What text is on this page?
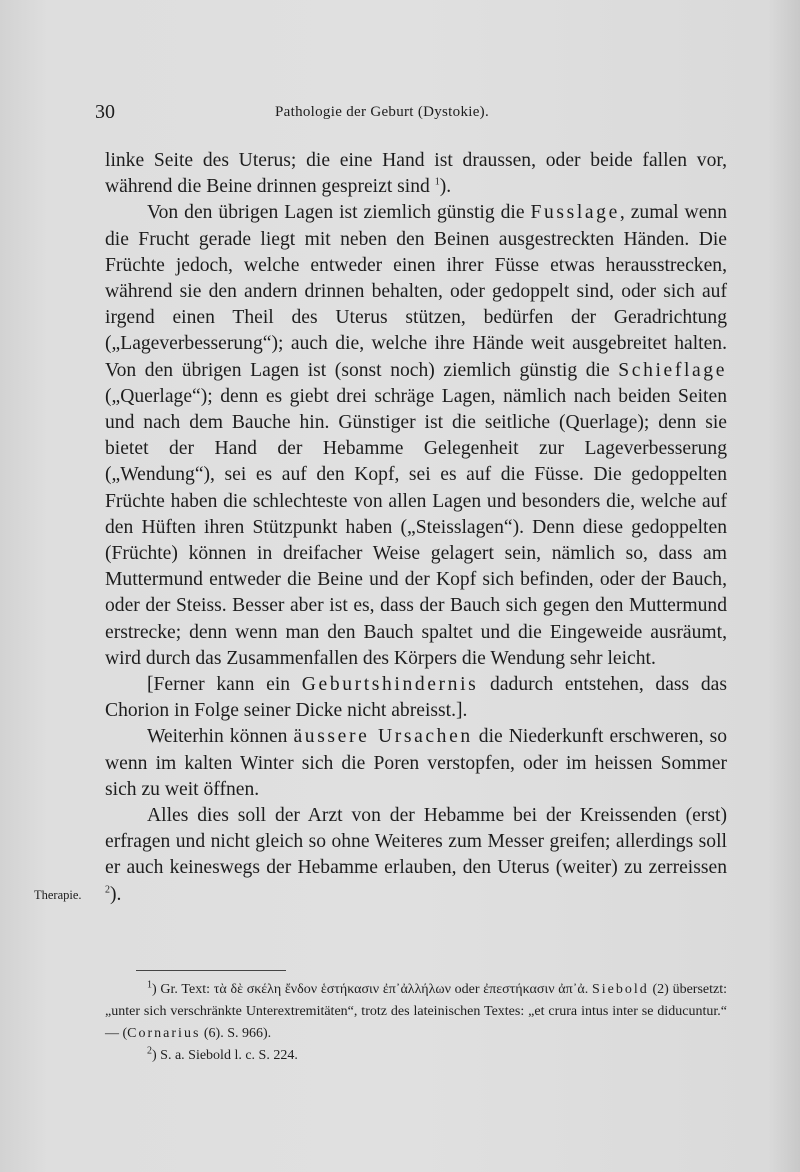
30	Pathologie der Geburt (Dystokie).
Therapie.

linke Seite des Uterus; die eine Hand ist draussen, oder beide fallen vor, während die Beine drinnen gespreizt sind $^1$).

Von den übrigen Lagen ist ziemlich günstig die Fusslage, zumal wenn die Frucht gerade liegt mit neben den Beinen ausgestreckten Händen. Die Früchte jedoch, welche entweder einen ihrer Füsse etwas herausstrecken, während sie den andern drinnen behalten, oder gedoppelt sind, oder sich auf irgend einen Theil des Uterus stützen, bedürfen der Geradrichtung („Lageverbesserung“); auch die, welche ihre Hände weit ausgebreitet halten. Von den übrigen Lagen ist (sonst noch) ziemlich günstig die Schieflage („Querlage“); denn es giebt drei schräge Lagen, nämlich nach beiden Seiten und nach dem Bauche hin. Günstiger ist die seitliche (Querlage); denn sie bietet der Hand der Hebamme Gelegenheit zur Lageverbesserung („Wendung“), sei es auf den Kopf, sei es auf die Füsse. Die gedoppelten Früchte haben die schlechteste von allen Lagen und besonders die, welche auf den Hüften ihren Stützpunkt haben („Steisslagen“). Denn diese gedoppelten (Früchte) können in dreifacher Weise gelagert sein, nämlich so, dass am Muttermund entweder die Beine und der Kopf sich befinden, oder der Bauch, oder der Steiss. Besser aber ist es, dass der Bauch sich gegen den Muttermund erstrecke; denn wenn man den Bauch spaltet und die Eingeweide ausräumt, wird durch das Zusammenfallen des Körpers die Wendung sehr leicht.

[Ferner kann ein Geburtshindernis dadurch entstehen, dass das Chorion in Folge seiner Dicke nicht abreisst.].

Weiterhin können äussere Ursachen die Niederkunft erschweren, so wenn im kalten Winter sich die Poren verstopfen, oder im heissen Sommer sich zu weit öffnen.

Alles dies soll der Arzt von der Hebamme bei der Kreissenden (erst) erfragen und nicht gleich so ohne Weiteres zum Messer greifen; allerdings soll er auch keineswegs der Hebamme erlauben, den Uterus (weiter) zu zerreissen $^2$).

$^1$) Gr. Text: τὰ δὲ σκέλη ἔνδον ἑστήκασιν ἐπ᾽ἀλλήλων oder ἐπεστήκασιν ἀπ᾽ἀ. Siebold (2) übersetzt: „unter sich verschränkte Unterextremitäten“, trotz des lateinischen Textes: „et crura intus inter se diducuntur.“ — (Cornarius (6). S. 966).

$^2$) S. a. Siebold l. c. S. 224.
